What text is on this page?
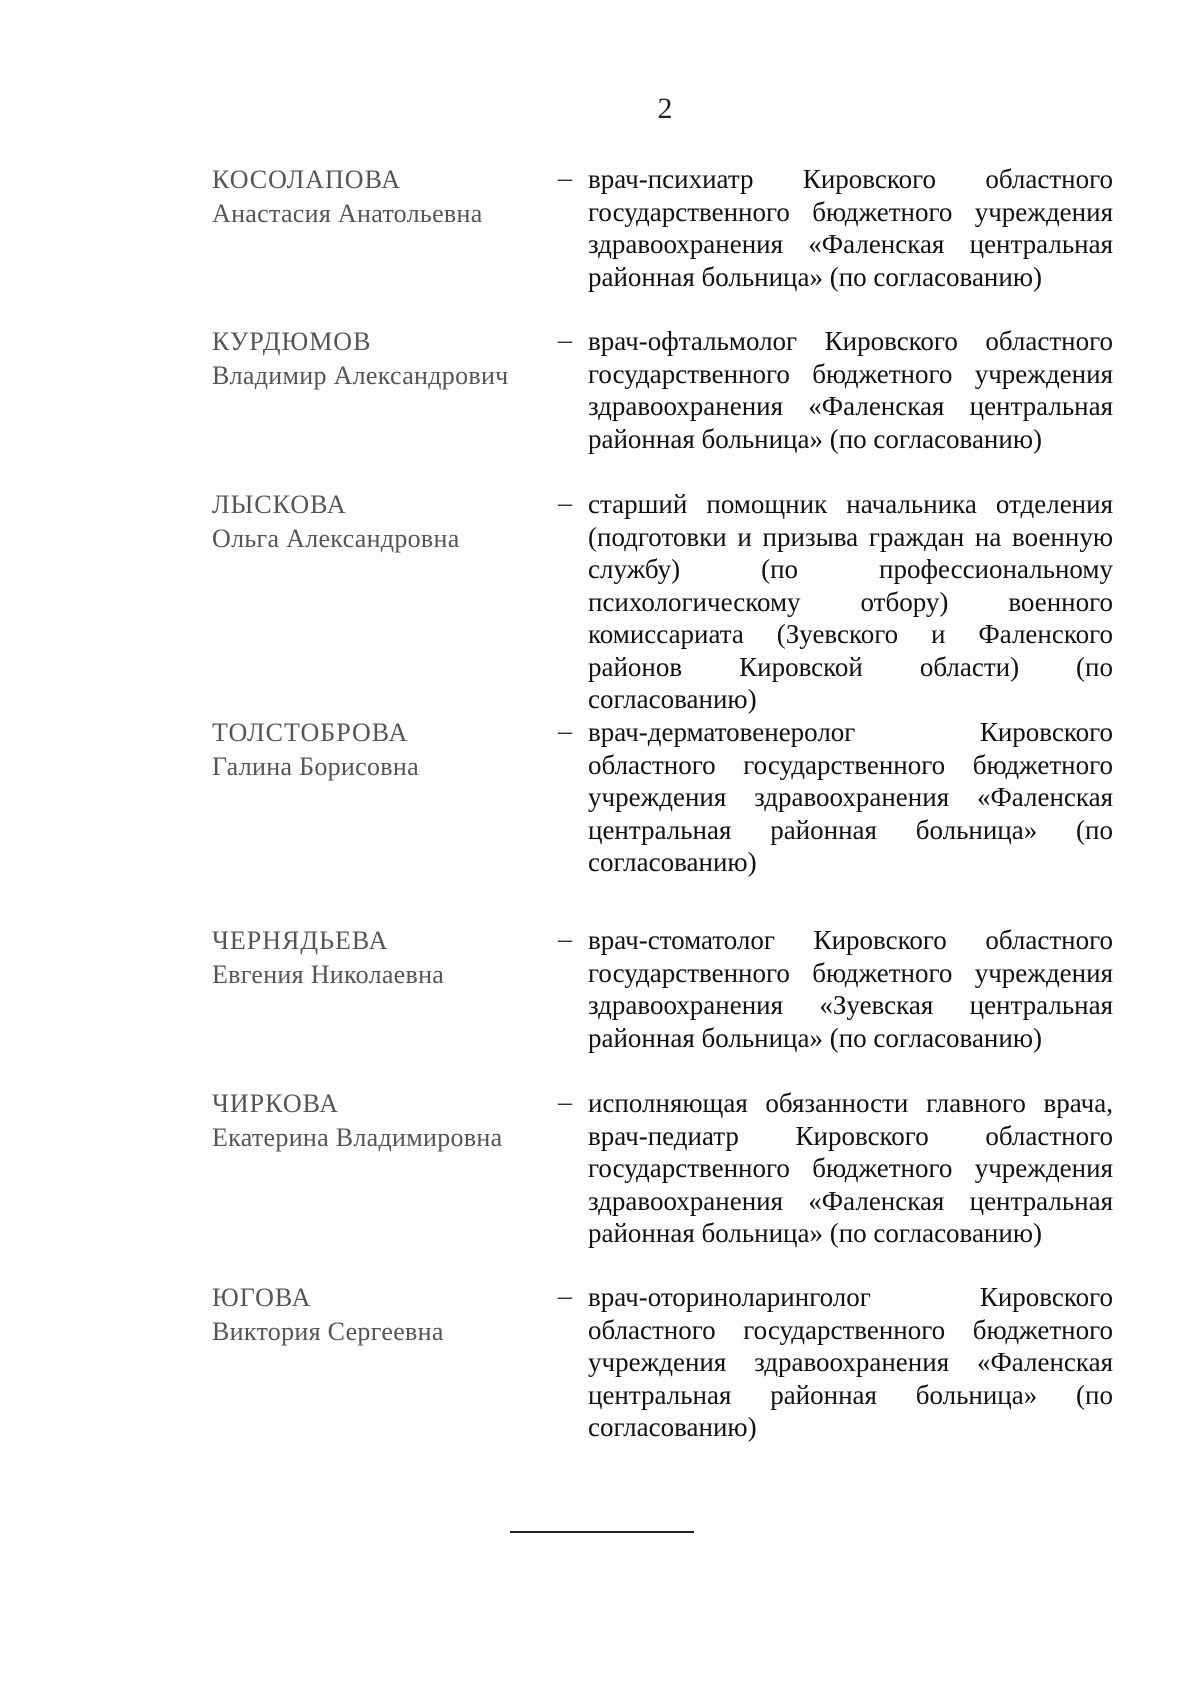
2
КОСОЛАПОВА
Анастасия Анатольевна
– врач-психиатр Кировского областного государственного бюджетного учреждения здравоохранения «Фаленская центральная районная больница» (по согласованию)
КУРДЮМОВ
Владимир Александрович
– врач-офтальмолог Кировского областного государственного бюджетного учреждения здравоохранения «Фаленская центральная районная больница» (по согласованию)
ЛЫСКОВА
Ольга Александровна
– старший помощник начальника отделения (подготовки и призыва граждан на военную службу) (по профессиональному психологическому отбору) военного комиссариата (Зуевского и Фаленского районов Кировской области) (по согласованию)
ТОЛСТОБРОВА
Галина Борисовна
– врач-дерматовенеролог Кировского областного государственного бюджетного учреждения здравоохранения «Фаленская центральная районная больница» (по согласованию)
ЧЕРНЯДЬЕВА
Евгения Николаевна
– врач-стоматолог Кировского областного государственного бюджетного учреждения здравоохранения «Зуевская центральная районная больница» (по согласованию)
ЧИРКОВА
Екатерина Владимировна
– исполняющая обязанности главного врача, врач-педиатр Кировского областного государственного бюджетного учреждения здравоохранения «Фаленская центральная районная больница» (по согласованию)
ЮГОВА
Виктория Сергеевна
– врач-оториноларинголог Кировского областного государственного бюджетного учреждения здравоохранения «Фаленская центральная районная больница» (по согласованию)
